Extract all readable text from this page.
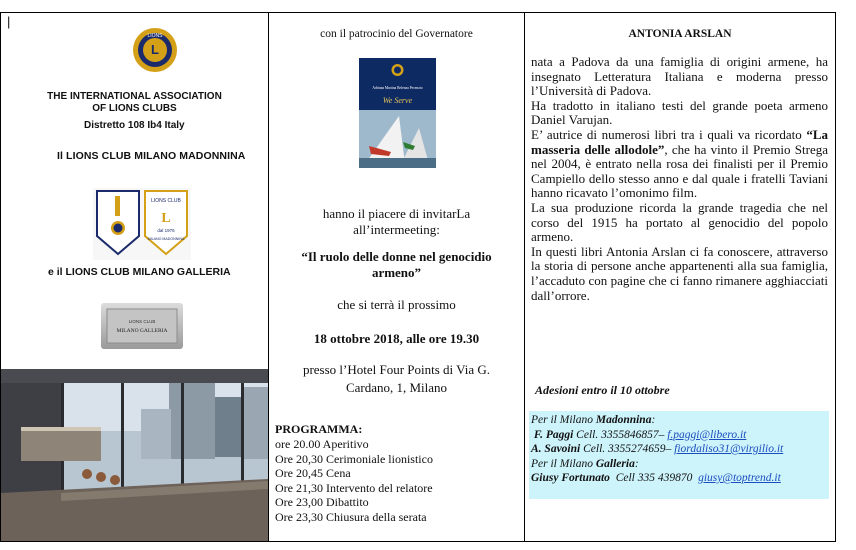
|
L
LIONS
THE INTERNATIONAL ASSOCIATION
OF LIONS CLUBS
Distretto 108 Ib4 Italy
Il LIONS CLUB MILANO MADONNINA
LIONS CLUB
L
dal 1976
MILANO MADONNINA
e il LIONS CLUB MILANO GALLERIA
LIONS CLUB
MILANO GALLERIA
con il patrocinio del Governatore
Adriana Martina Belenza Pecenzio
We Serve
hanno il piacere di invitarLa
all’intermeeting:
“Il ruolo delle donne nel genocidio
armeno”
che si terrà il prossimo
18 ottobre 2018, alle ore 19.30
presso l’Hotel Four Points di Via G.
Cardano, 1, Milano
PROGRAMMA:
ore 20.00 Aperitivo
Ore 20,30 Cerimoniale lionistico
Ore 20,45 Cena
Ore 21,30 Intervento del relatore
Ore 23,00 Dibattito
Ore 23,30 Chiusura della serata
ANTONIA ARSLAN

nata a Padova da una famiglia di origini armene, ha insegnato Letteratura Italiana e moderna presso l’Università di Padova.

Ha tradotto in italiano testi del grande poeta armeno Daniel Varujan.

E’ autrice di numerosi libri tra i quali va ricordato “La masseria delle allodole”, che ha vinto il Premio Strega nel 2004, è entrato nella rosa dei finalisti per il Premio Campiello dello stesso anno e dal quale i fratelli Taviani hanno ricavato l’omonimo film.

La sua produzione ricorda la grande tragedia che nel corso del 1915 ha portato al genocidio del popolo armeno.

In questi libri Antonia Arslan ci fa conoscere, attraverso la storia di persone anche appartenenti alla sua famiglia, l’accaduto con pagine che ci fanno rimanere agghiacciati dall’orrore.

Adesioni entro il 10 ottobre
Per il Milano Madonnina:
F. Paggi Cell. 3355846857– f.paggi@libero.it
A. Savoini Cell. 3355274659– fiordaliso31@virgilio.it
Per il Milano Galleria:
Giusy Fortunato  Cell 335 439870  giusy@toptrend.it
